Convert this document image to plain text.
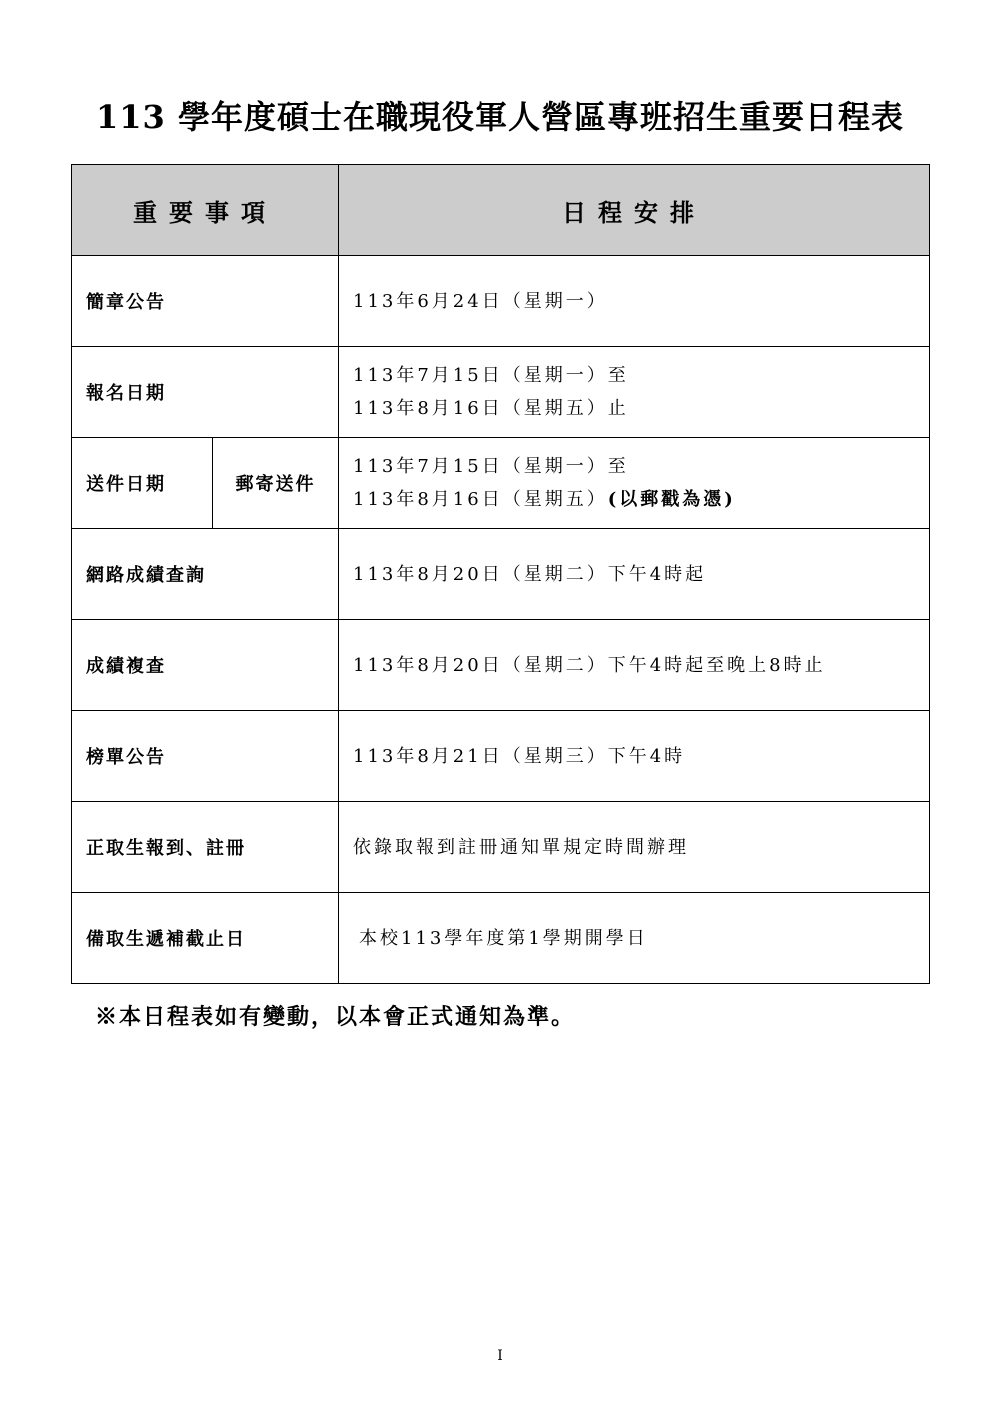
113 學年度碩士在職現役軍人營區專班招生重要日程表
重要事項		日程安排
簡章公告		113年6月24日（星期一）

報名日期		113年7月15日（星期一）至
113年8月16日（星期五）止

送件日期	郵寄送件	113年7月15日（星期一）至
113年8月16日（星期五）(以郵戳為憑)

網路成績查詢		113年8月20日（星期二）下午4時起

成績複查		113年8月20日（星期二）下午4時起至晚上8時止

榜單公告		113年8月21日（星期三）下午4時

正取生報到、註冊		依錄取報到註冊通知單規定時間辦理

備取生遞補截止日		本校113學年度第1學期開學日
※本日程表如有變動，以本會正式通知為準。
I
